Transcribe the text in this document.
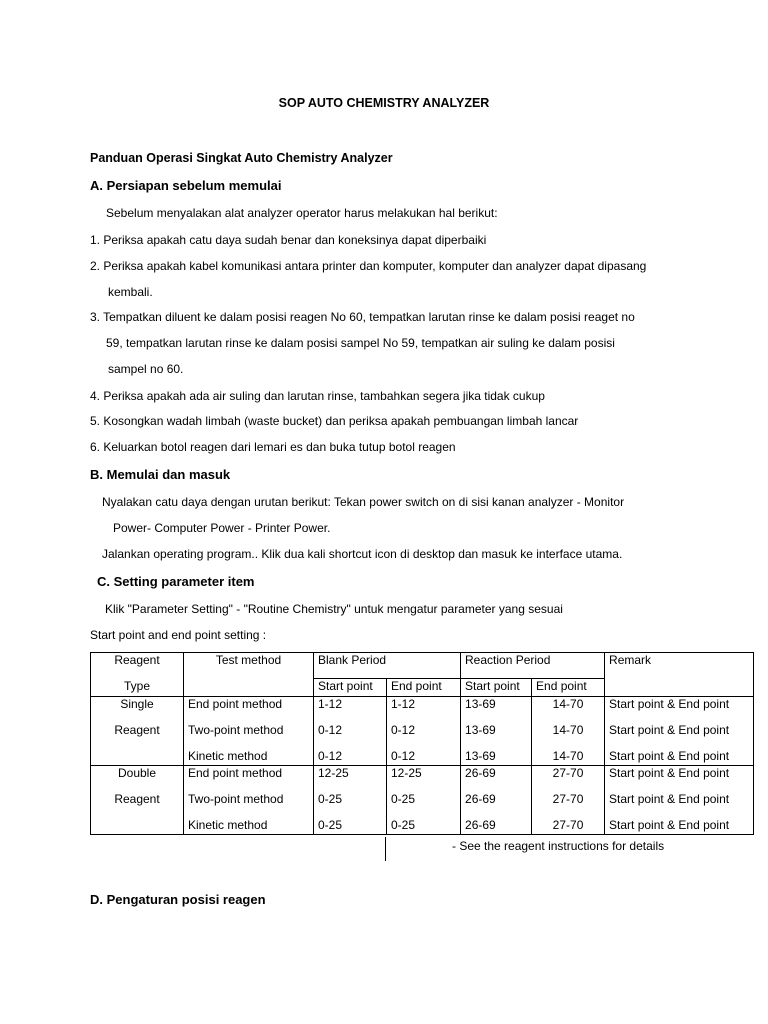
SOP AUTO CHEMISTRY ANALYZER
Panduan Operasi Singkat Auto Chemistry Analyzer
A. Persiapan sebelum memulai
Sebelum menyalakan alat analyzer operator harus melakukan hal berikut:
1. Periksa apakah catu daya sudah benar dan koneksinya dapat diperbaiki
2. Periksa apakah kabel komunikasi antara printer dan komputer, komputer dan analyzer dapat dipasang
kembali.
3. Tempatkan diluent ke dalam posisi reagen No 60, tempatkan larutan rinse ke dalam posisi reaget no
59, tempatkan larutan rinse ke dalam posisi sampel No 59, tempatkan air suling ke dalam posisi
sampel no 60.
4. Periksa apakah ada air suling dan larutan rinse, tambahkan segera jika tidak cukup
5. Kosongkan wadah limbah (waste bucket) dan periksa apakah pembuangan limbah lancar
6. Keluarkan botol reagen dari lemari es dan buka tutup botol reagen
B. Memulai dan masuk
Nyalakan catu daya dengan urutan berikut: Tekan power switch on di sisi kanan analyzer - Monitor
Power- Computer Power - Printer Power.
Jalankan operating program.. Klik dua kali shortcut icon di desktop dan masuk ke interface utama.
C. Setting parameter item
Klik "Parameter Setting" - "Routine Chemistry" untuk mengatur parameter yang sesuai
Start point and end point setting :
Reagent	Test method	Blank Period		Reaction Period		Remark
Type		Start point	End point	Start point	End point	
Single	End point method	1-12	1-12	13-69	14-70	Start point & End point
Reagent	Two-point method	0-12	0-12	13-69	14-70	Start point & End point
	Kinetic method	0-12	0-12	13-69	14-70	Start point & End point
Double	End point method	12-25	12-25	26-69	27-70	Start point & End point
Reagent	Two-point method	0-25	0-25	26-69	27-70	Start point & End point
	Kinetic method	0-25	0-25	26-69	27-70	Start point & End point
- See the reagent instructions for details
D. Pengaturan posisi reagen
